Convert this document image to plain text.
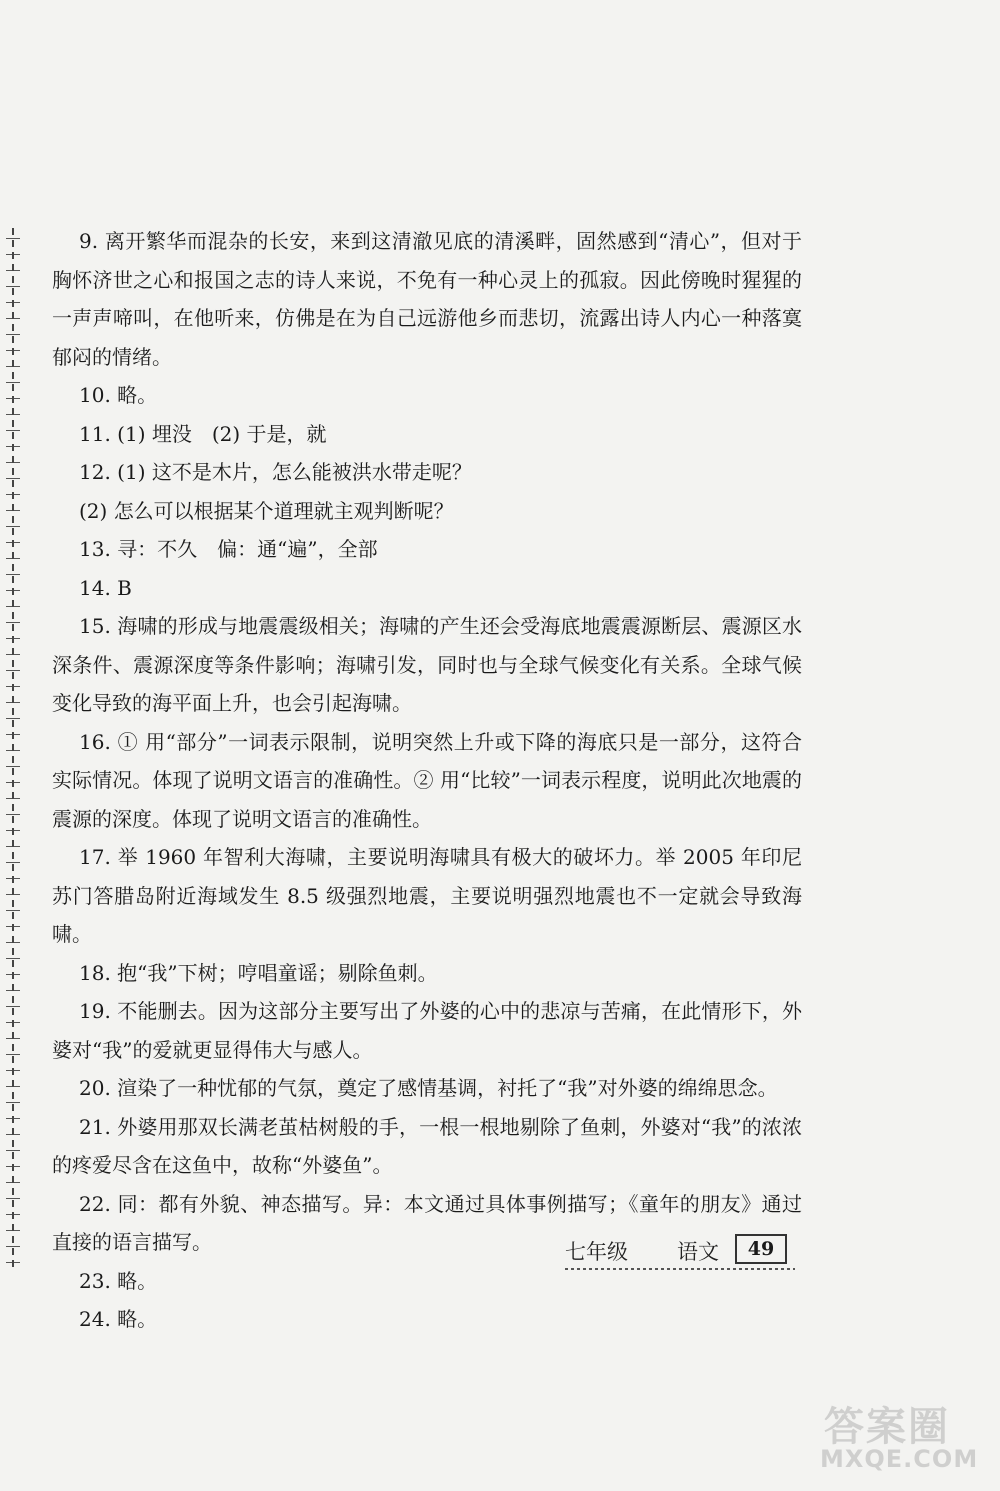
9. 离开繁华而混杂的长安，来到这清澈见底的清溪畔，固然感到“清心”，但对于胸怀济世之心和报国之志的诗人来说，不免有一种心灵上的孤寂。因此傍晚时猩猩的一声声啼叫，在他听来，仿佛是在为自己远游他乡而悲切，流露出诗人内心一种落寞郁闷的情绪。

10. 略。

11. (1) 埋没　(2) 于是，就

12. (1) 这不是木片，怎么能被洪水带走呢？

(2) 怎么可以根据某个道理就主观判断呢？

13. 寻：不久　偏：通“遍”，全部

14. B

15. 海啸的形成与地震震级相关；海啸的产生还会受海底地震震源断层、震源区水深条件、震源深度等条件影响；海啸引发，同时也与全球气候变化有关系。全球气候变化导致的海平面上升，也会引起海啸。

16. ① 用“部分”一词表示限制，说明突然上升或下降的海底只是一部分，这符合实际情况。体现了说明文语言的准确性。② 用“比较”一词表示程度，说明此次地震的震源的深度。体现了说明文语言的准确性。

17. 举 1960 年智利大海啸，主要说明海啸具有极大的破坏力。举 2005 年印尼苏门答腊岛附近海域发生 8.5 级强烈地震，主要说明强烈地震也不一定就会导致海啸。

18. 抱“我”下树；哼唱童谣；剔除鱼刺。

19. 不能删去。因为这部分主要写出了外婆的心中的悲凉与苦痛，在此情形下，外婆对“我”的爱就更显得伟大与感人。

20. 渲染了一种忧郁的气氛，奠定了感情基调，衬托了“我”对外婆的绵绵思念。

21. 外婆用那双长满老茧枯树般的手，一根一根地剔除了鱼刺，外婆对“我”的浓浓的疼爱尽含在这鱼中，故称“外婆鱼”。

22. 同：都有外貌、神态描写。异：本文通过具体事例描写；《童年的朋友》通过直接的语言描写。

23. 略。

24. 略。

七年级 语文	49
答案圈
MXQE.COM
